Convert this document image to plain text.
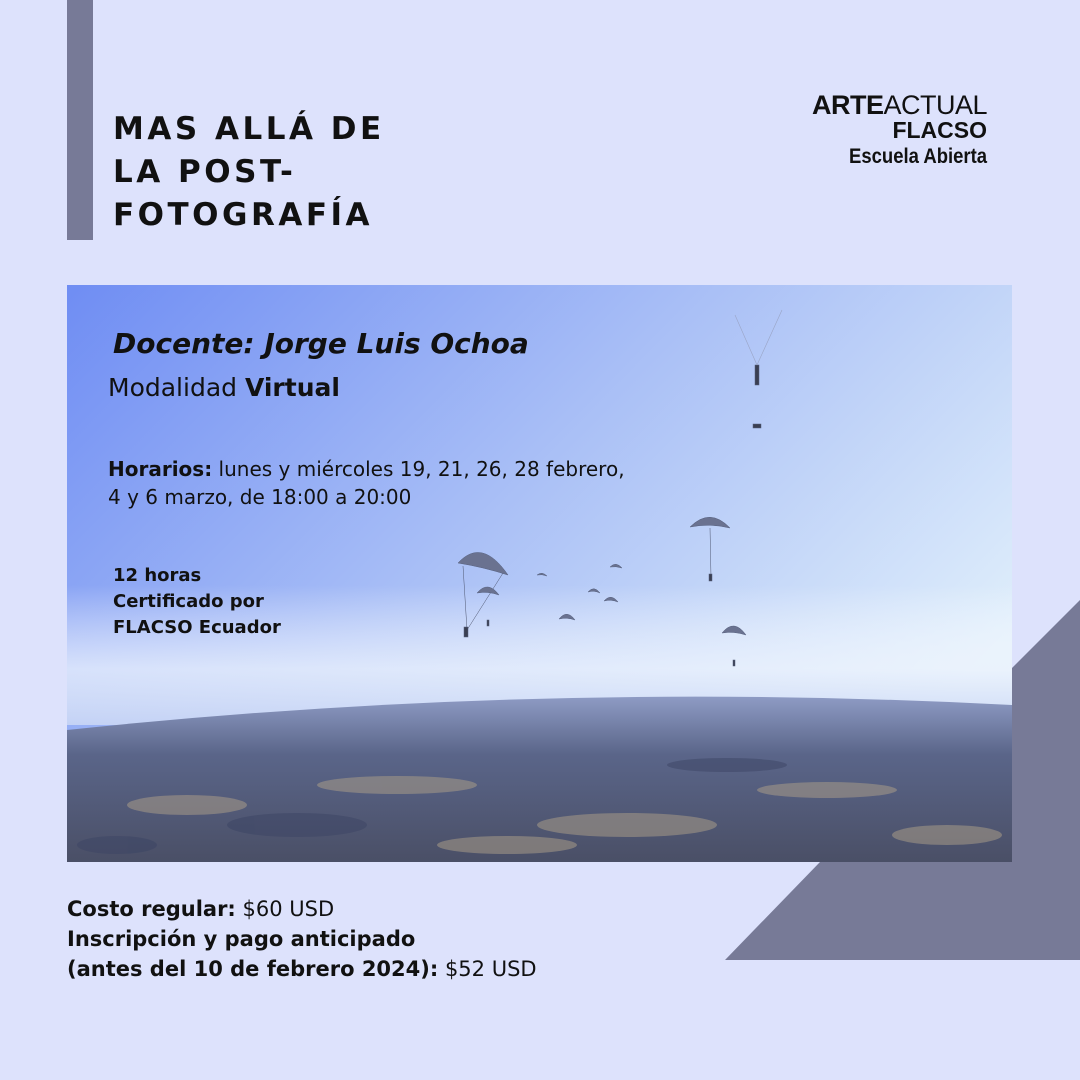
MAS ALLÁ DE
LA POST-
FOTOGRAFÍA
ARTEACTUAL
FLACSO
Escuela Abierta
Docente: Jorge Luis Ochoa
Modalidad Virtual
Horarios: lunes y miércoles 19, 21, 26, 28 febrero, 4 y 6 marzo, de 18:00 a 20:00
12 horas
Certificado por
FLACSO Ecuador
Costo regular: $60 USD
Inscripción y pago anticipado
(antes del 10 de febrero 2024): $52 USD
